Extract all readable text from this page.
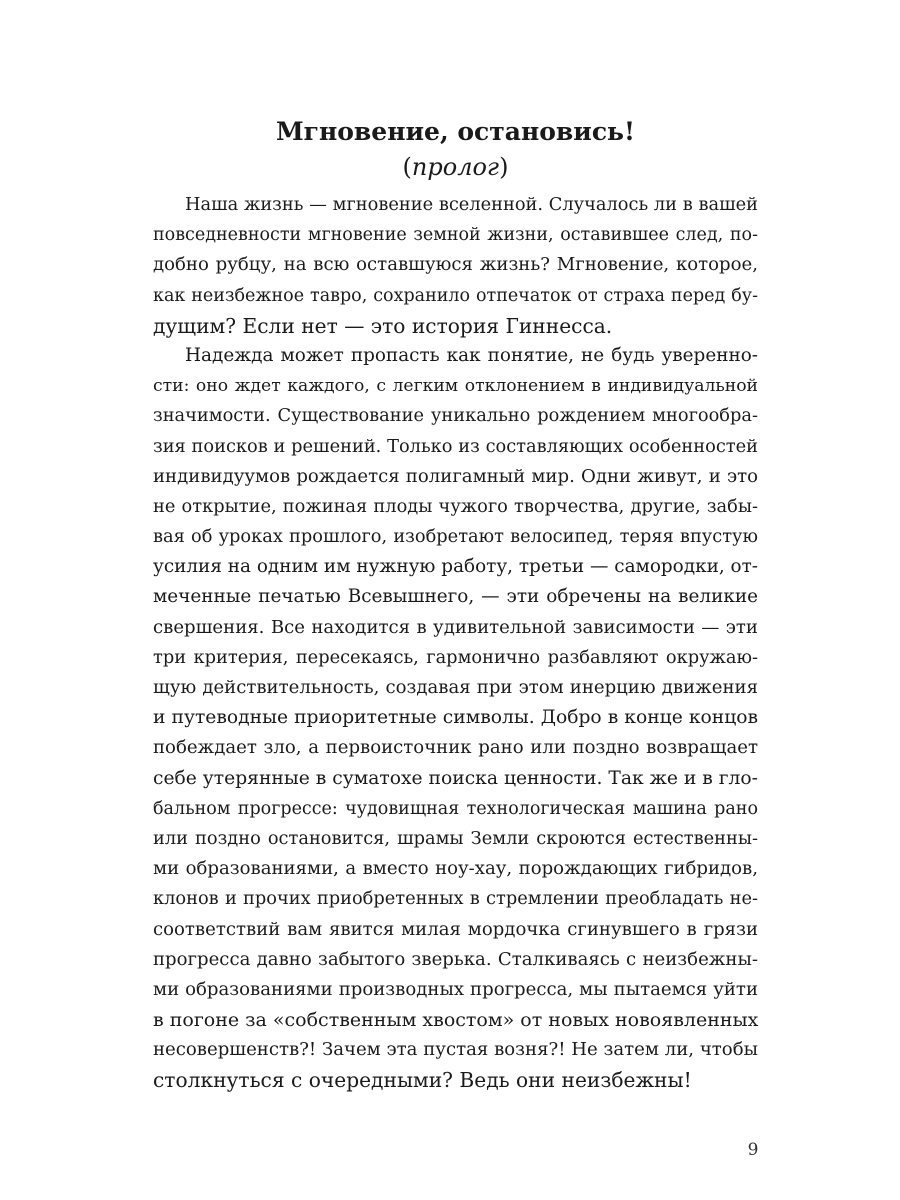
Мгновение, остановись!

(пролог)

Наша жизнь — мгновение вселенной. Случалось ли в вашей
повседневности мгновение земной жизни, оставившее след, по-
добно рубцу, на всю оставшуюся жизнь? Мгновение, которое,
как неизбежное тавро, сохранило отпечаток от страха перед бу-
дущим? Если нет — это история Гиннесса.
Надежда может пропасть как понятие, не будь увереннo-
сти: оно ждет каждого, с легким отклонением в индивидуальной
значимости. Существование уникально рождением многообра-
зия поисков и решений. Только из составляющих особенностей
индивидуумов рождается полигамный мир. Одни живут, и это
не открытие, пожиная плоды чужого творчества, другие, забы-
вая об уроках прошлого, изобретают велосипед, теряя впустую
усилия на одним им нужную работу, третьи — самородки, от-
меченные печатью Всевышнего, — эти обречены на великие
свершения. Все находится в удивительной зависимости — эти
три критерия, пересекаясь, гармонично разбавляют окружаю-
щую действительность, создавая при этом инерцию движения
и путеводные приоритетные символы. Добро в конце концов
побеждает зло, а первоисточник рано или поздно возвращает
себе утерянные в суматохе поиска ценности. Так же и в гло-
бальном прогрессе: чудовищная технологическая машина рано
или поздно остановится, шрамы Земли скроются естественны-
ми образованиями, а вместо ноу-хау, порождающих гибридов,
клонов и прочих приобретенных в стремлении преобладать не-
соответствий вам явится милая мордочка сгинувшего в грязи
прогресса давно забытого зверька. Сталкиваясь с неизбежны-
ми образованиями производных прогресса, мы пытаемся уйти
в погоне за «собственным хвостом» от новых новоявленных
несовершенств?! Зачем эта пустая возня?! Не затем ли, чтобы
столкнуться с очередными? Ведь они неизбежны!
9
